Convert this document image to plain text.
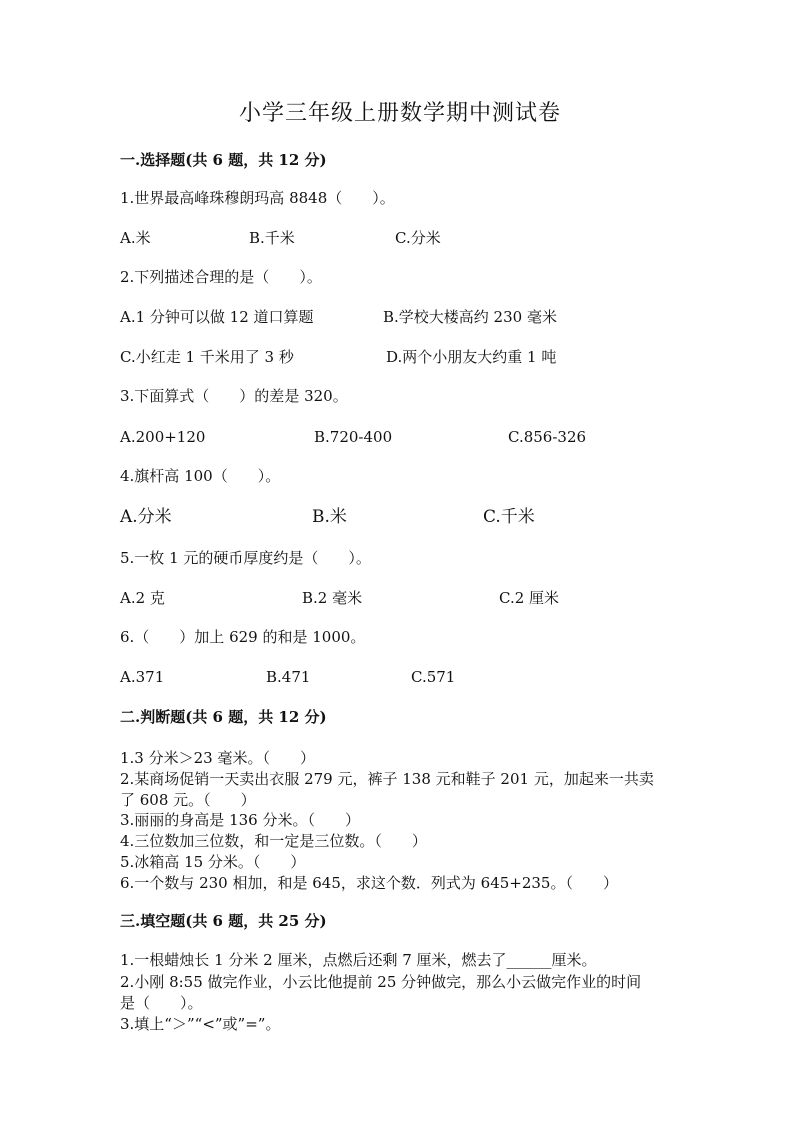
小学三年级上册数学期中测试卷
一.选择题(共 6 题，共 12 分)
1.世界最高峰珠穆朗玛高 8848（　　）。
A.米	B.千米	C.分米
2.下列描述合理的是（　　）。
A.1 分钟可以做 12 道口算题	B.学校大楼高约 230 毫米
C.小红走 1 千米用了 3 秒	D.两个小朋友大约重 1 吨
3.下面算式（　　）的差是 320。
A.200+120	B.720-400	C.856-326
4.旗杆高 100（　　）。
A.分米	B.米	C.千米
5.一枚 1 元的硬币厚度约是（　　）。
A.2 克	B.2 毫米	C.2 厘米
6.（　　）加上 629 的和是 1000。
A.371	B.471	C.571
二.判断题(共 6 题，共 12 分)
1.3 分米＞23 毫米。（　　）
2.某商场促销一天卖出衣服 279 元，裤子 138 元和鞋子 201 元，加起来一共卖
了 608 元。（　　）
3.丽丽的身高是 136 分米。（　　）
4.三位数加三位数，和一定是三位数。（　　）
5.冰箱高 15 分米。（　　）
6.一个数与 230 相加，和是 645，求这个数．列式为 645+235。（　　）
三.填空题(共 6 题，共 25 分)
1.一根蜡烛长 1 分米 2 厘米，点燃后还剩 7 厘米，燃去了______厘米。
2.小刚 8:55 做完作业，小云比他提前 25 分钟做完，那么小云做完作业的时间
是（　　）。
3.填上“＞”“<”或”=”。
